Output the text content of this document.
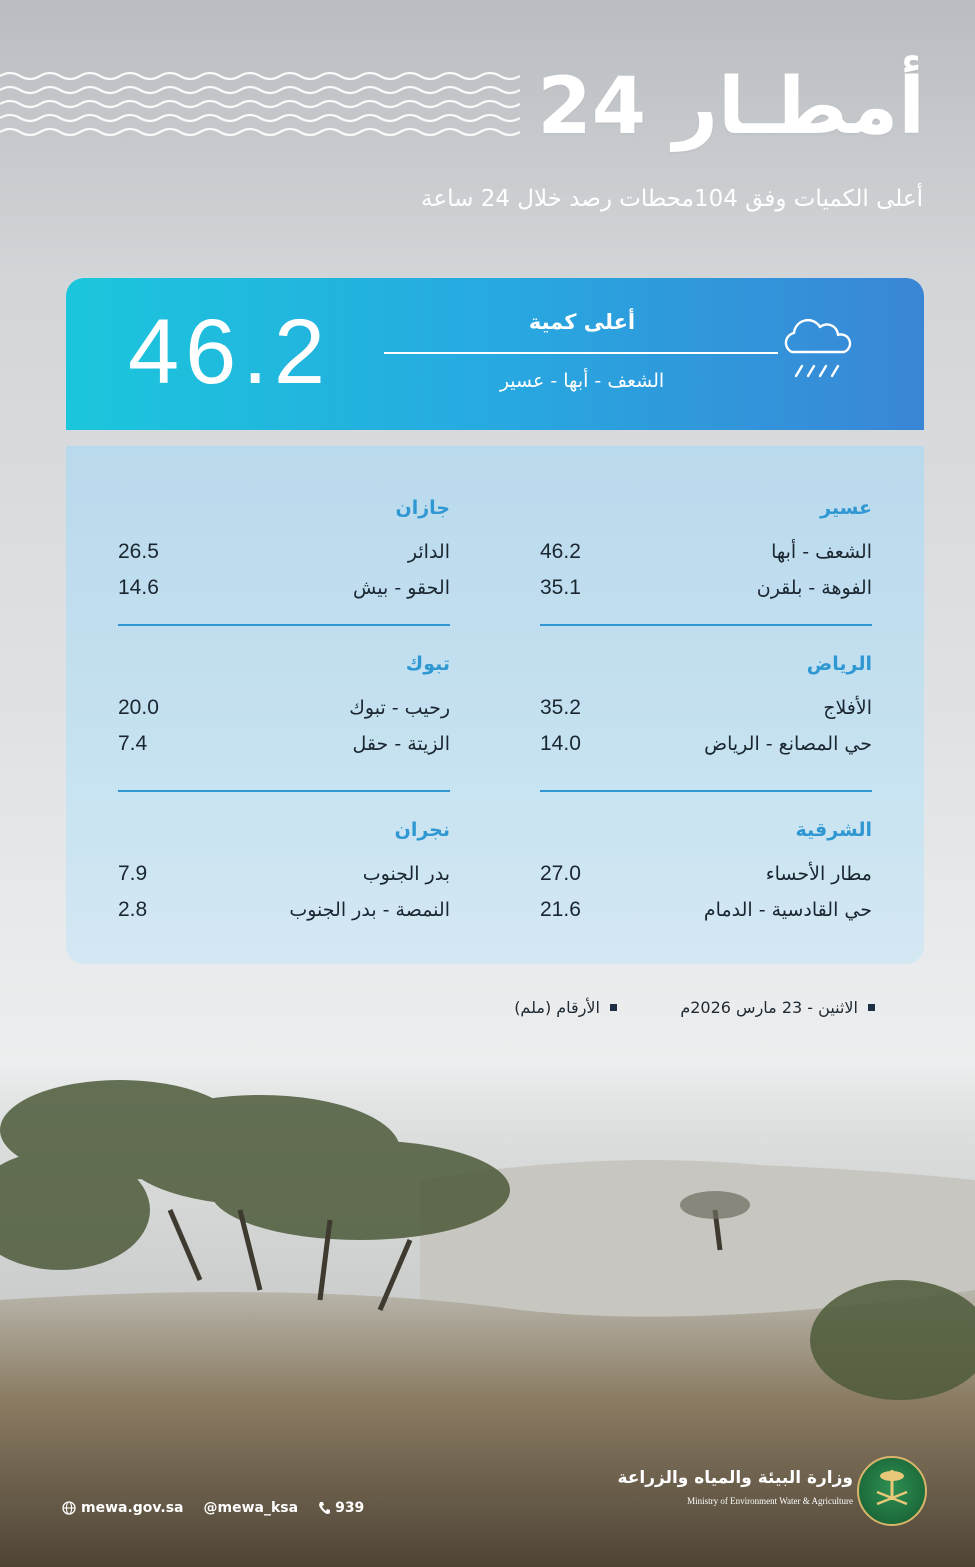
أمطـار 24
أعلى الكميات وفق 104محطات رصد خلال 24 ساعة
46.2	أعلى كمية
الشعف - أبها - عسير
عسير
الشعف - أبها
46.2
الفوهة - بلقرن
35.1
الرياض
الأفلاج
35.2
حي المصانع - الرياض
14.0
الشرقية
مطار الأحساء
27.0
حي القادسية - الدمام
21.6
جازان
الدائر
26.5
الحقو - بيش
14.6
تبوك
رحيب - تبوك
20.0
الزيتة - حقل
7.4
نجران
بدر الجنوب
7.9
النمصة - بدر الجنوب
2.8
الاثنين - 23 مارس 2026م
الأرقام (ملم)
mewa.gov.sa @mewa_ksa	939
وزارة البيئة والمياه والزراعة
Ministry of Environment Water & Agriculture
